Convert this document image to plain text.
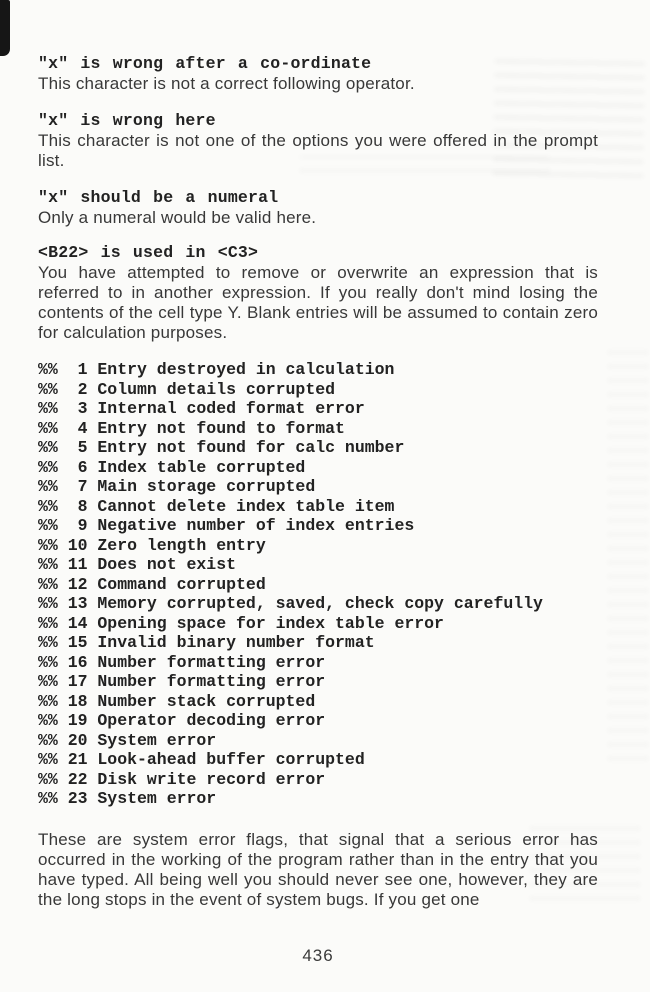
"x" is wrong after a co-ordinate

This character is not a correct following operator.

"x" is wrong here

This character is not one of the options you were offered in the prompt list.

"x" should be a numeral

Only a numeral would be valid here.

<B22> is used in <C3>

You have attempted to remove or overwrite an expression that is referred to in another expression. If you really don't mind losing the contents of the cell type Y. Blank entries will be assumed to contain zero for calculation purposes.

%%	1 Entry destroyed in calculation
%%	2 Column details corrupted
%%	3 Internal coded format error
%%	4 Entry not found to format
%%	5 Entry not found for calc number
%%	6 Index table corrupted
%%	7 Main storage corrupted
%%	8 Cannot delete index table item
%%	9 Negative number of index entries
%% 10 Zero length entry
%% 11 Does not exist
%% 12 Command corrupted
%% 13 Memory corrupted, saved, check copy carefully
%% 14 Opening space for index table error
%% 15 Invalid binary number format
%% 16 Number formatting error
%% 17 Number formatting error
%% 18 Number stack corrupted
%% 19 Operator decoding error
%% 20 System error
%% 21 Look-ahead buffer corrupted
%% 22 Disk write record error
%% 23 System error

These are system error flags, that signal that a serious error has occurred in the working of the program rather than in the entry that you have typed. All being well you should never see one, however, they are the long stops in the event of system bugs. If you get one

436
